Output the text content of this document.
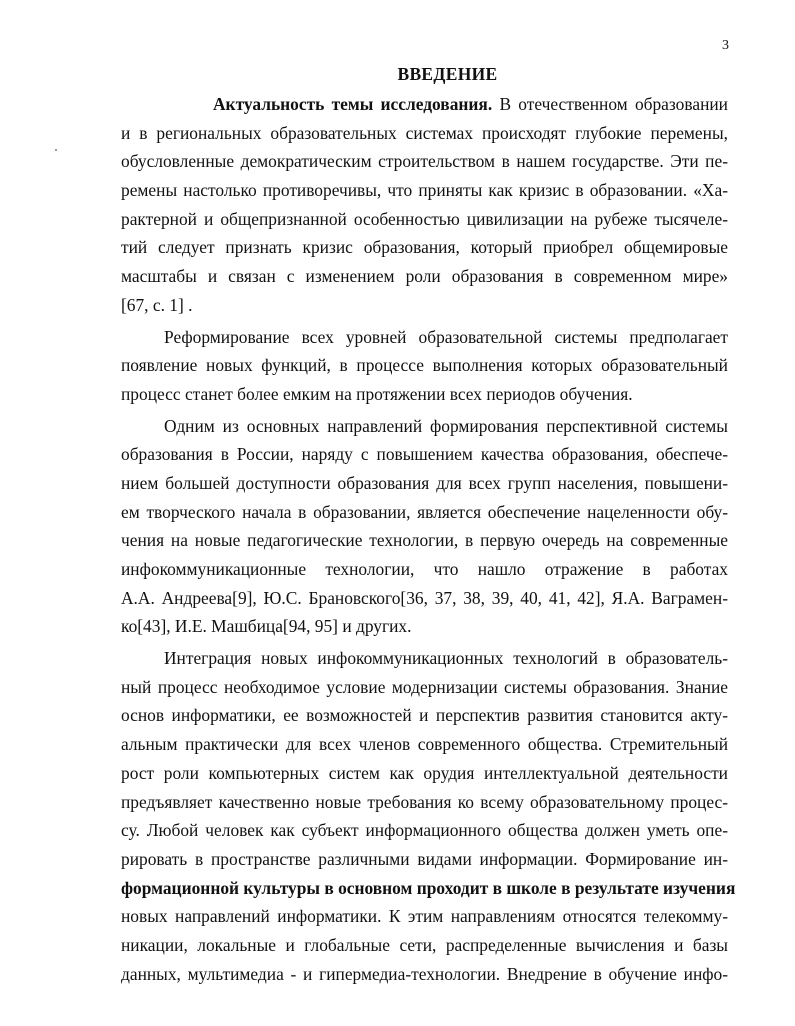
3
ВВЕДЕНИЕ
Актуальность темы исследования. В отечественном образовании
и в региональных образовательных системах происходят глубокие перемены,
обусловленные демократическим строительством в нашем государстве. Эти пе-
ремены настолько противоречивы, что приняты как кризис в образовании. «Ха-
рактерной и общепризнанной особенностью цивилизации на рубеже тысячеле-
тий следует признать кризис образования, который приобрел общемировые
масштабы и связан с изменением роли образования в современном мире»
[67, с. 1] .
Реформирование всех уровней образовательной системы предполагает
появление новых функций, в процессе выполнения которых образовательный
процесс станет более емким на протяжении всех периодов обучения.
Одним из основных направлений формирования перспективной системы
образования в России, наряду с повышением качества образования, обеспече-
нием большей доступности образования для всех групп населения, повышени-
ем творческого начала в образовании, является обеспечение нацеленности обу-
чения на новые педагогические технологии, в первую очередь на современные
инфокоммуникационные технологии, что нашло отражение в работах
А.А. Андреева[9], Ю.С. Брановского[36, 37, 38, 39, 40, 41, 42], Я.А. Ваграмен-
ко[43], И.Е. Машбица[94, 95] и других.
Интеграция новых инфокоммуникационных технологий в образователь-
ный процесс необходимое условие модернизации системы образования. Знание
основ информатики, ее возможностей и перспектив развития становится акту-
альным практически для всех членов современного общества. Стремительный
рост роли компьютерных систем как орудия интеллектуальной деятельности
предъявляет качественно новые требования ко всему образовательному процес-
су. Любой человек как субъект информационного общества должен уметь опе-
рировать в пространстве различными видами информации. Формирование ин-
формационной культуры в основном проходит в школе в результате изучения
новых направлений информатики. К этим направлениям относятся телекомму-
никации, локальные и глобальные сети, распределенные вычисления и базы
данных, мультимедиа - и гипермедиа-технологии. Внедрение в обучение инфо-
